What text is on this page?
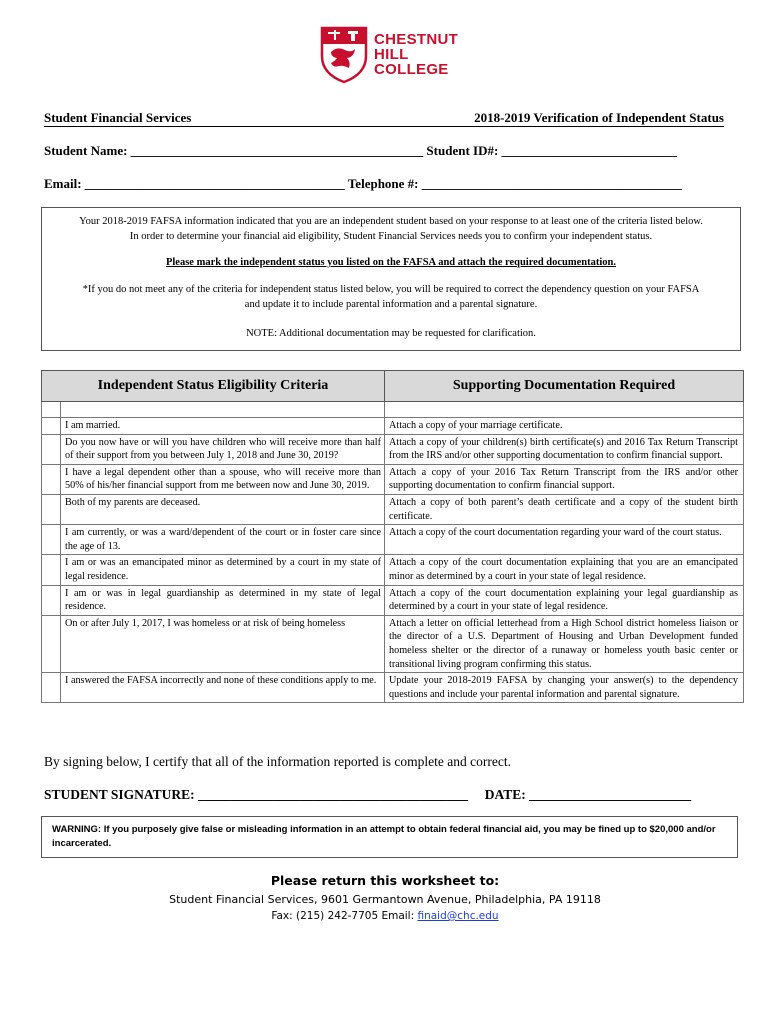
CHESTNUT
HILL
COLLEGE
Student Financial Services	2018-2019 Verification of Independent Status
Student Name: _____________________________________________ Student ID#: ___________________________
Email: ________________________________________ Telephone #: ________________________________________

Your 2018-2019 FAFSA information indicated that you are an independent student based on your response to at least one of the criteria listed below.
In order to determine your financial aid eligibility, Student Financial Services needs you to confirm your independent status.

Please mark the independent status you listed on the FAFSA and attach the required documentation.

*If you do not meet any of the criteria for independent status listed below, you will be required to correct the dependency question on your FAFSA
and update it to include parental information and a parental signature.

NOTE: Additional documentation may be requested for clarification.

Independent Status Eligibility Criteria		Supporting Documentation Required

	I am married.	Attach a copy of your marriage certificate.
	Do you now have or will you have children who will receive more than half of their support from you between July 1, 2018 and June 30, 2019?	Attach a copy of your children(s) birth certificate(s) and 2016 Tax Return Transcript from the IRS and/or other supporting documentation to confirm financial support.
	I have a legal dependent other than a spouse, who will receive more than 50% of his/her financial support from me between now and June 30, 2019.	Attach a copy of your 2016 Tax Return Transcript from the IRS and/or other supporting documentation to confirm financial support.
	Both of my parents are deceased.	Attach a copy of both parent’s death certificate and a copy of the student birth certificate.
	I am currently, or was a ward/dependent of the court or in foster care since the age of 13.	Attach a copy of the court documentation regarding your ward of the court status.
	I am or was an emancipated minor as determined by a court in my state of legal residence.	Attach a copy of the court documentation explaining that you are an emancipated minor as determined by a court in your state of legal residence.
	I am or was in legal guardianship as determined in my state of legal residence.	Attach a copy of the court documentation explaining your legal guardianship as determined by a court in your state of legal residence.
	On or after July 1, 2017, I was homeless or at risk of being homeless	Attach a letter on official letterhead from a High School district homeless liaison or the director of a U.S. Department of Housing and Urban Development funded homeless shelter or the director of a runaway or homeless youth basic center or transitional living program confirming this status.
	I answered the FAFSA incorrectly and none of these conditions apply to me.	Update your 2018-2019 FAFSA by changing your answer(s) to the dependency questions and include your parental information and parental signature.
By signing below, I certify that all of the information reported is complete and correct.
STUDENT SIGNATURE: ________________________________________ DATE: ________________________
WARNING: If you purposely give false or misleading information in an attempt to obtain federal financial aid, you may be fined up to $20,000 and/or incarcerated.
Please return this worksheet to:
Student Financial Services, 9601 Germantown Avenue, Philadelphia, PA 19118
Fax: (215) 242-7705 Email: finaid@chc.edu
